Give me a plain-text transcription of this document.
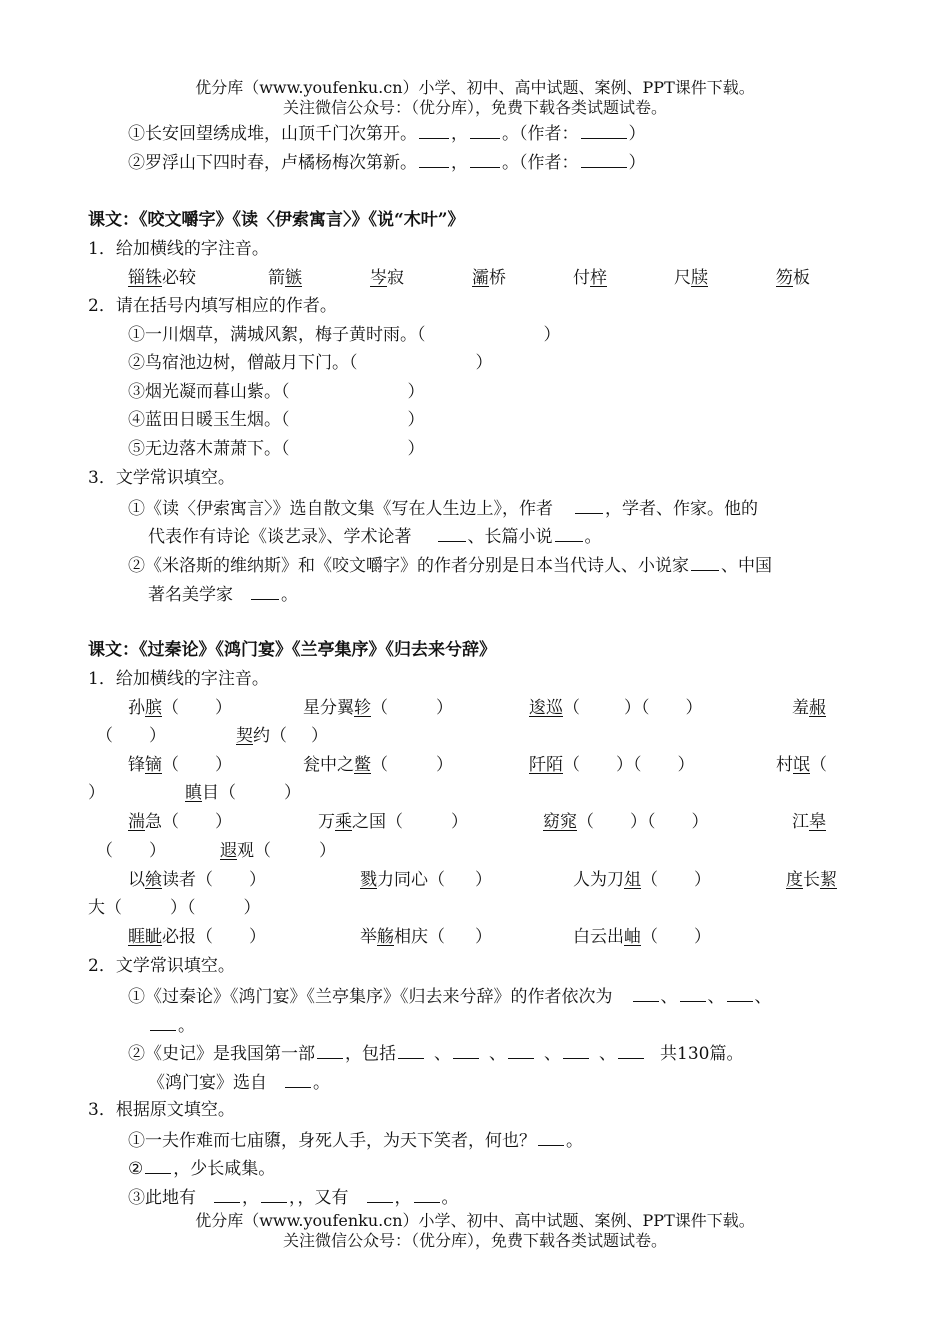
优分库（www.youfenku.cn）小学、初中、高中试题、案例、PPT课件下载。
关注微信公众号：（优分库），免费下载各类试题试卷。
①长安回望绣成堆，山顶千门次第开。 ， 。（作者：	）
②罗浮山下四时春，卢橘杨梅次第新。 ， 。（作者：	）
课文：《咬文嚼字》《读〈伊索寓言〉》《说“木叶”》
1．给加横线的字注音。
锱铢必较	箭镞	岑寂	灞桥	付梓	尺牍	笏板
2．请在括号内填写相应的作者。
①一川烟草，满城风絮，梅子黄时雨。（	）
②鸟宿池边树，僧敲月下门。（	）
③烟光凝而暮山紫。（	）
④蓝田日暖玉生烟。（	）
⑤无边落木萧萧下。（	）
3．文学常识填空。
①《读〈伊索寓言〉》选自散文集《写在人生边上》，作者	，学者、作家。他的
代表作有诗论《谈艺录》、学术论著	、长篇小说 。
②《米洛斯的维纳斯》和《咬文嚼字》的作者分别是日本当代诗人、小说家 、中国
著名美学家	。
课文：《过秦论》《鸿门宴》《兰亭集序》《归去来兮辞》
1．给加横线的字注音。
孙膑（ ）	星分翼轸（	）	逡巡（	）（ ）	羞赧
（ ）	契约（ ）
锋镝（ ）	瓮中之鳖（	）	阡陌（ ）（ ）	村氓（
）	瞋目（	）
湍急（ ）	万乘之国（	）	窈窕（ ）（ ）	江皋
（ ）	遐观（	）
以飨读者（ ）	戮力同心（ ）	人为刀俎（ ）	度长絜
大（	）（	）
睚眦必报（ ）	举觞相庆（ ）	白云出岫（ ）
2．文学常识填空。
①《过秦论》《鸿门宴》《兰亭集序》《归去来兮辞》的作者依次为	、 、 、
。
②《史记》是我国第一部 ，包括 、 、 、 、	共130篇。
《鸿门宴》选自	。
3．根据原文填空。
①一夫作难而七庙隳，身死人手，为天下笑者，何也？ 。
② ，少长咸集。
③此地有	， ，，又有	， 。
优分库（www.youfenku.cn）小学、初中、高中试题、案例、PPT课件下载。
关注微信公众号：（优分库），免费下载各类试题试卷。
